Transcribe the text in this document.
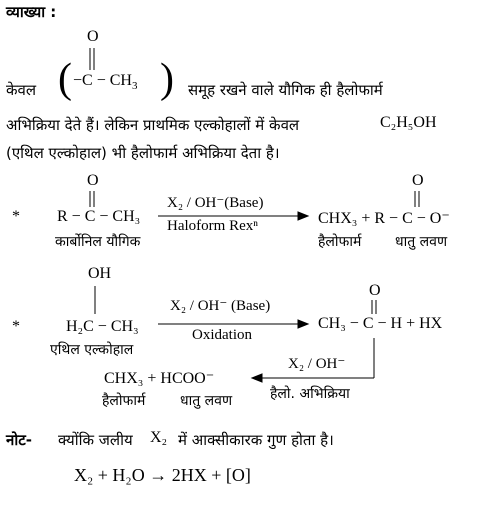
व्याख्या :
केवल (
O
$-C - CH_3$ ) समूह रखने वाले यौगिक ही हैलोफार्म
अभिक्रिया देते हैं। लेकिन प्राथमिक एल्कोहालों में केवल	C₂H₅OH
(एथिल एल्कोहाल) भी हैलोफार्म अभिक्रिया देता है।
*
O
R − C − CH₃
X₂ / OH⁻(Base)
Haloform Rexⁿ	CHX₃ + R − C − O⁻
O
कार्बोनिल यौगिक	हैलोफार्म धातु लवण
*
OH
H₂C − CH₃
X₂ / OH⁻ (Base)
Oxidation
CH₃ − C − H + HX
O
एथिल एल्कोहाल
X₂ / OH⁻
हैलो. अभिक्रिया
CHX₃ + HCOO⁻
हैलोफार्म धातु लवण
नोट- क्योंकि जलीय X₂ में आक्सीकारक गुण होता है।
X₂ + H₂O → 2HX + [O]
